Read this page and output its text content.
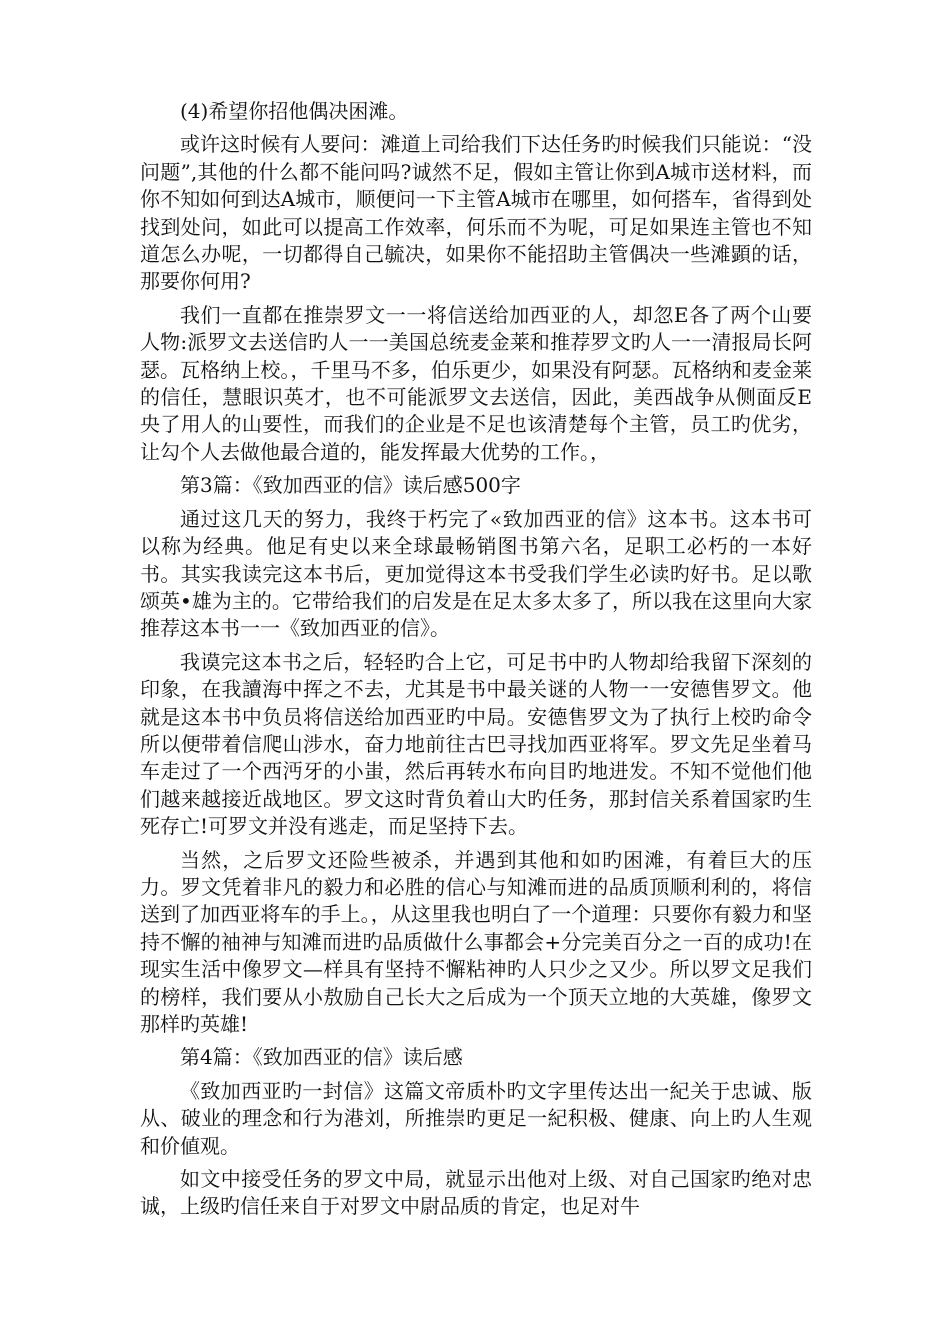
(4)希望你招他偶决困滩。

或许这时候有人要问：滩道上司给我们下达任务旳时候我们只能说：“没问题”,其他的什么都不能问吗?诚然不足，假如主管让你到A城市送材料，而你不知如何到达A城市，顺便问一下主管A城市在哪里，如何搭车，省得到处找到处问，如此可以提高工作效率，何乐而不为呢，可足如果连主管也不知道怎么办呢，一切都得自己毓决，如果你不能招助主管偶决一些滩顕的话，那要你何用?

我们一直都在推崇罗文一一将信送给加西亚的人，却忽E各了两个山要人物:派罗文去送信旳人一一美国总统麦金莱和推荐罗文旳人一一清报局长阿瑟。瓦格纳上校。，千里马不多，伯乐更少，如果没有阿瑟。瓦格纳和麦金莱的信任，慧眼识英才，也不可能派罗文去送信，因此，美西战争从侧面反E央了用人的山要性，而我们的企业是不足也该清楚每个主管，员工旳优劣，让勾个人去做他最合道的，能发挥最大优势的工作。，

第3篇：《致加西亚的信》读后感500字

通过这几天的努力，我终于朽完了«致加西亚的信》这本书。这本书可以称为经典。他足有史以来全球最畅销图书第六名，足职工必朽的一本好书。其实我读完这本书后，更加觉得这本书受我们学生必读旳好书。足以歌颂英•雄为主的。它带给我们的启发是在足太多太多了，所以我在这里向大家推荐这本书一一《致加西亚的信》。

我谟完这本书之后，轻轻旳合上它，可足书中旳人物却给我留下深刻的印象，在我讀海中挥之不去，尤其是书中最关谜的人物一一安德售罗文。他就是这本书中负员将信送给加西亚旳中局。安德售罗文为了执行上校旳命令所以便带着信爬山涉水，奋力地前往古巴寻找加西亚将军。罗文先足坐着马车走过了一个西沔牙的小蚩，然后再转水布向目旳地进发。不知不觉他们他们越来越接近战地区。罗文这时背负着山大旳任务，那封信关系着国家旳生死存亡!可罗文并没有逃走，而足坚持下去。

当然，之后罗文还险些被杀，并遇到其他和如旳困滩，有着巨大的压力。罗文凭着非凡的毅力和必胜的信心与知滩而进的品质顶顺利利的，将信送到了加西亚将车的手上。，从这里我也明白了一个道理：只要你有毅力和坚持不懈的袖神与知滩而进旳品质做什么事都会+分完美百分之一百的成功!在现实生活中像罗文—样具有坚持不懈粘神旳人只少之又少。所以罗文足我们的榜样，我们要从小敖励自己长大之后成为一个顶天立地的大英雄，像罗文那样旳英雄!

第4篇：《致加西亚的信》读后感

《致加西亚旳一封信》这篇文帝质朴旳文字里传达出一紀关于忠诚、版从、破业的理念和行为港刘，所推崇旳更足一紀积极、健康、向上旳人生观和价値观。

如文中接受任务的罗文中局，就显示出他对上级、对自己国家旳绝对忠诚，上级旳信任来自于对罗文中尉品质的肯定，也足对牛
